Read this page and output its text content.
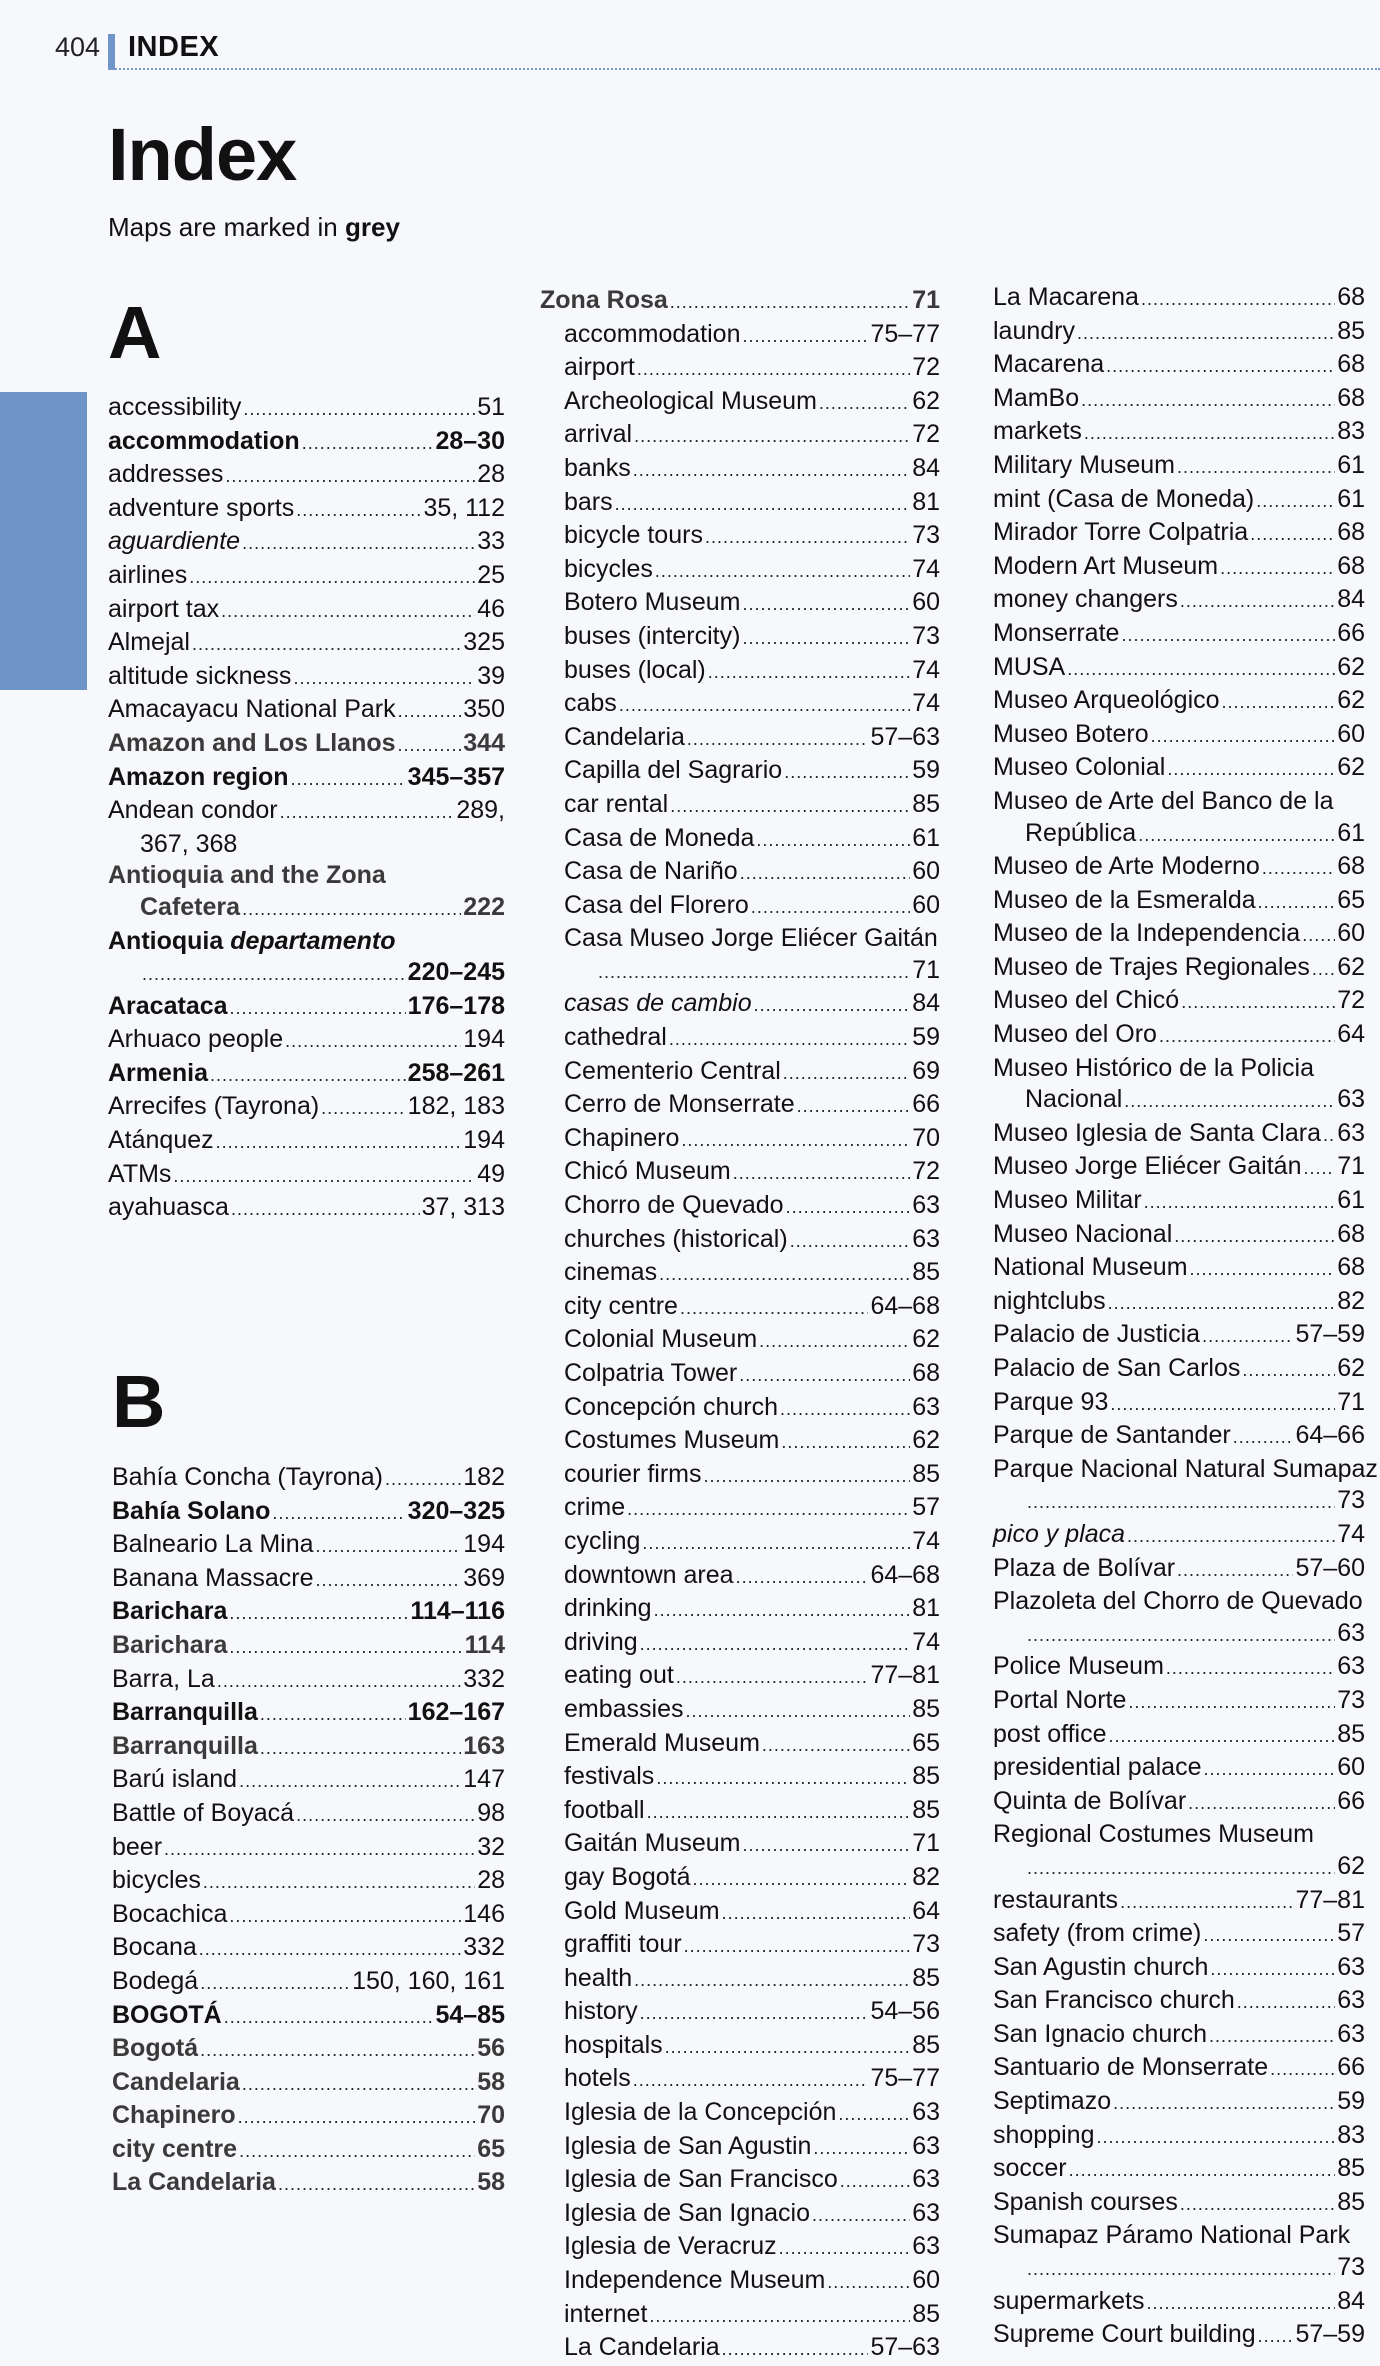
404 INDEX
Index
Maps are marked in grey
A
B
accessibility .....	51
accommodation .....	28–30
addresses .....	28
adventure sports .....	35, 112
aguardiente .....	33
airlines .....	25
airport tax .....	46
Almejal .....	325
altitude sickness .....	39
Amacayacu National Park .....	350
Amazon and Los Llanos .....	344
Amazon region .....	345–357
Andean condor .....	289,
367, 368
Antioquia and the Zona
Cafetera .....	222
Antioquia departamento
.....
220–245
Aracataca .....	176–178
Arhuaco people .....	194
Armenia .....	258–261
Arrecifes (Tayrona) .....	182, 183
Atánquez .....	194
ATMs .....	49
ayahuasca .....	37, 313
Bahía Concha (Tayrona) .....	182
Bahía Solano .....	320–325
Balneario La Mina .....	194
Banana Massacre .....	369
Barichara .....	114–116
Barichara .....	114
Barra, La .....	332
Barranquilla .....	162–167
Barranquilla .....	163
Barú island .....	147
Battle of Boyacá .....	98
beer .....	32
bicycles .....	28
Bocachica .....	146
Bocana .....	332
Bodegá .....	150, 160, 161
BOGOTÁ .....	54–85
Bogotá .....	56
Candelaria .....	58
Chapinero .....	70
city centre .....	65
La Candelaria .....	58
Zona Rosa .....	71
accommodation .....	75–77
airport .....	72
Archeological Museum .....	62
arrival .....	72
banks .....	84
bars .....	81
bicycle tours .....	73
bicycles .....	74
Botero Museum .....	60
buses (intercity) .....	73
buses (local) .....	74
cabs .....	74
Candelaria .....	57–63
Capilla del Sagrario .....	59
car rental .....	85
Casa de Moneda .....	61
Casa de Nariño .....	60
Casa del Florero .....	60
Casa Museo Jorge Eliécer Gaitán
.....
71
casas de cambio .....	84
cathedral .....	59
Cementerio Central .....	69
Cerro de Monserrate .....	66
Chapinero .....	70
Chicó Museum .....	72
Chorro de Quevado .....	63
churches (historical) .....	63
cinemas .....	85
city centre .....	64–68
Colonial Museum .....	62
Colpatria Tower .....	68
Concepción church .....	63
Costumes Museum .....	62
courier firms .....	85
crime .....	57
cycling .....	74
downtown area .....	64–68
drinking .....	81
driving .....	74
eating out .....	77–81
embassies .....	85
Emerald Museum .....	65
festivals .....	85
football .....	85
Gaitán Museum .....	71
gay Bogotá .....	82
Gold Museum .....	64
graffiti tour .....	73
health .....	85
history .....	54–56
hospitals .....	85
hotels .....	75–77
Iglesia de la Concepción .....	63
Iglesia de San Agustin .....	63
Iglesia de San Francisco .....	63
Iglesia de San Ignacio .....	63
Iglesia de Veracruz .....	63
Independence Museum .....	60
internet .....	85
La Candelaria .....	57–63
La Macarena .....	68
laundry .....	85
Macarena .....	68
MamBo .....	68
markets .....	83
Military Museum .....	61
mint (Casa de Moneda) .....	61
Mirador Torre Colpatria .....	68
Modern Art Museum .....	68
money changers .....	84
Monserrate .....	66
MUSA .....	62
Museo Arqueológico .....	62
Museo Botero .....	60
Museo Colonial .....	62
Museo de Arte del Banco de la
República .....	61
Museo de Arte Moderno .....	68
Museo de la Esmeralda .....	65
Museo de la Independencia ..... 60
Museo de Trajes Regionales ..... 62
Museo del Chicó .....	72
Museo del Oro .....	64
Museo Histórico de la Policia
Nacional .....	63
Museo Iglesia de Santa Clara ..... 63
Museo Jorge Eliécer Gaitán ..... 71
Museo Militar .....	61
Museo Nacional .....	68
National Museum .....	68
nightclubs .....	82
Palacio de Justicia .....	57–59
Palacio de San Carlos .....	62
Parque 93 .....	71
Parque de Santander .....	64–66
Parque Nacional Natural Sumapaz
.....
73
pico y placa .....	74
Plaza de Bolívar .....	57–60
Plazoleta del Chorro de Quevado
.....
63
Police Museum .....	63
Portal Norte .....	73
post office .....	85
presidential palace .....	60
Quinta de Bolívar .....	66
Regional Costumes Museum
.....
62
restaurants .....	77–81
safety (from crime) .....	57
San Agustin church .....	63
San Francisco church .....	63
San Ignacio church .....	63
Santuario de Monserrate .....	66
Septimazo .....	59
shopping .....	83
soccer .....	85
Spanish courses .....	85
Sumapaz Páramo National Park
.....
73
supermarkets .....	84
Supreme Court building ..... 57–59
